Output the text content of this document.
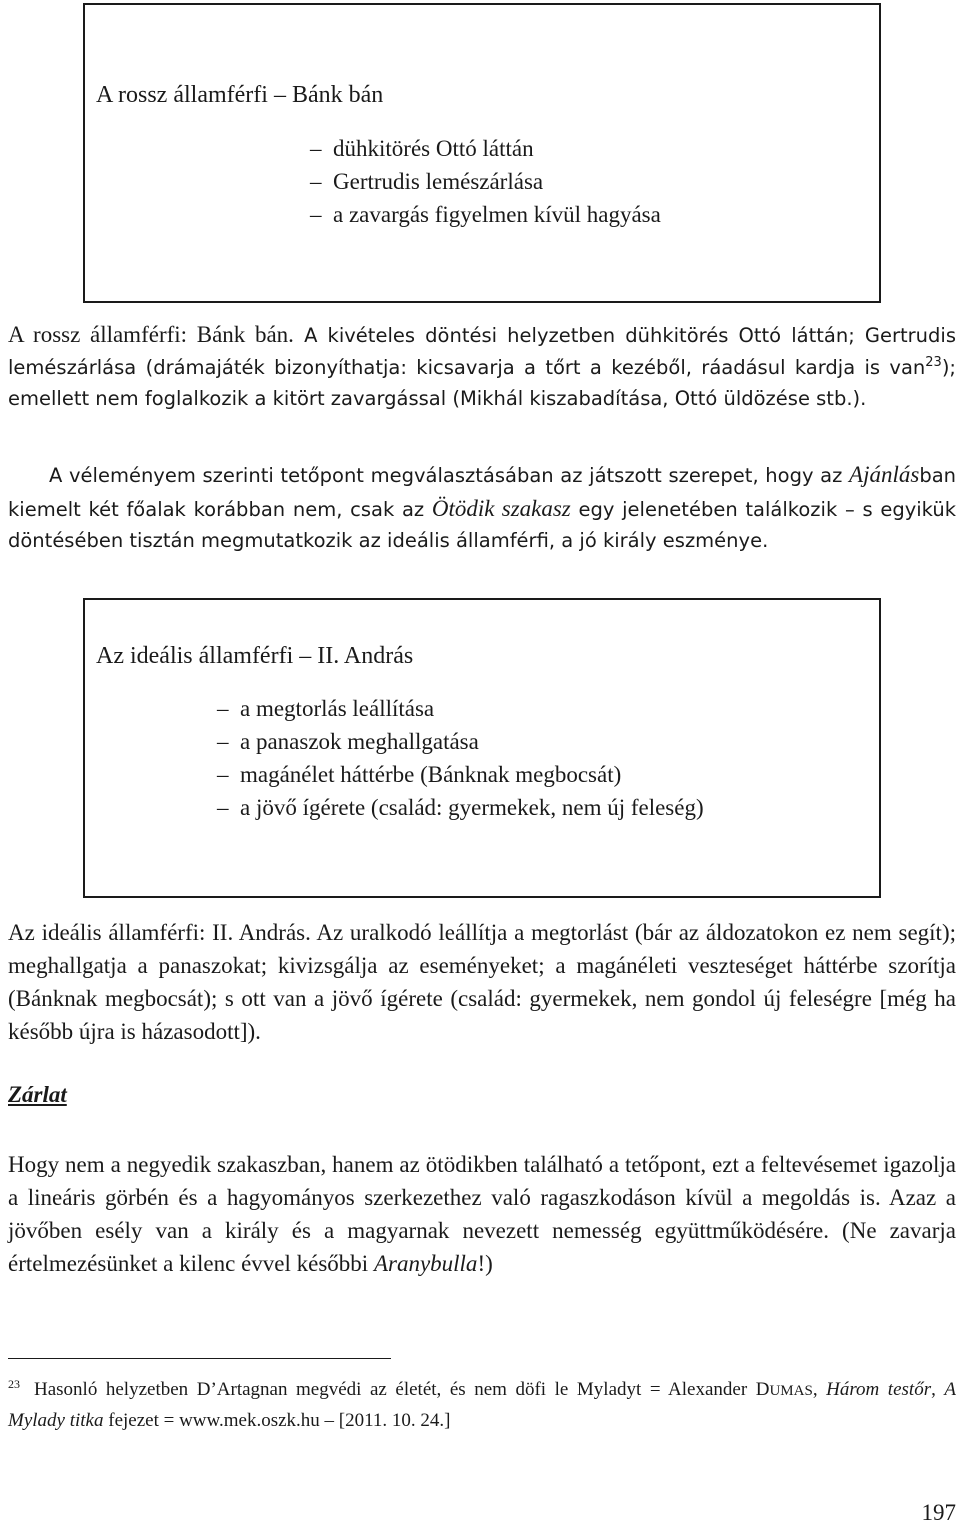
A rossz államférfi – Bánk bán
–  dühkitörés Ottó láttán
–  Gertrudis lemészárlása
–  a zavargás figyelmen kívül hagyása

A rossz államférfi: Bánk bán. A kivételes döntési helyzetben dühkitörés Ottó láttán; Gertrudis lemészárlása (drámajáték bizonyíthatja: kicsavarja a tőrt a kezéből, ráadásul kardja is van$^{23}$); emellett nem foglalkozik a kitört zavargással (Mikhál kiszabadítása, Ottó üldözése stb.).

A véleményem szerinti tetőpont megválasztásában az játszott szerepet, hogy az Ajánlásban kiemelt két főalak korábban nem, csak az Ötödik szakasz egy jelenetében találkozik – s egyikük döntésében tisztán megmutatkozik az ideális államférfi, a jó király eszménye.

Az ideális államférfi – II. András
–  a megtorlás leállítása
–  a panaszok meghallgatása
–  magánélet háttérbe (Bánknak megbocsát)
–  a jövő ígérete (család: gyermekek, nem új feleség)

Az ideális államférfi: II. András. Az uralkodó leállítja a megtorlást (bár az áldozatokon ez nem segít); meghallgatja a panaszokat; kivizsgálja az eseményeket; a magánéleti veszteséget háttérbe szorítja (Bánknak megbocsát); s ott van a jövő ígérete (család: gyermekek, nem gondol új feleségre [még ha később újra is házasodott]).

Zárlat

Hogy nem a negyedik szakaszban, hanem az ötödikben található a tetőpont, ezt a feltevésemet igazolja a lineáris görbén és a hagyományos szerkezethez való ragaszkodáson kívül a megoldás is. Azaz a jövőben esély van a király és a magyarnak nevezett nemesség együttműködésére. (Ne zavarja értelmezésünket a kilenc évvel későbbi Aranybulla!)

$^{23}$ Hasonló helyzetben D’Artagnan megvédi az életét, és nem döfi le Myladyt = Alexander DUMAS, Három testőr, A Mylady titka fejezet = www.mek.oszk.hu – [2011. 10. 24.]

197
